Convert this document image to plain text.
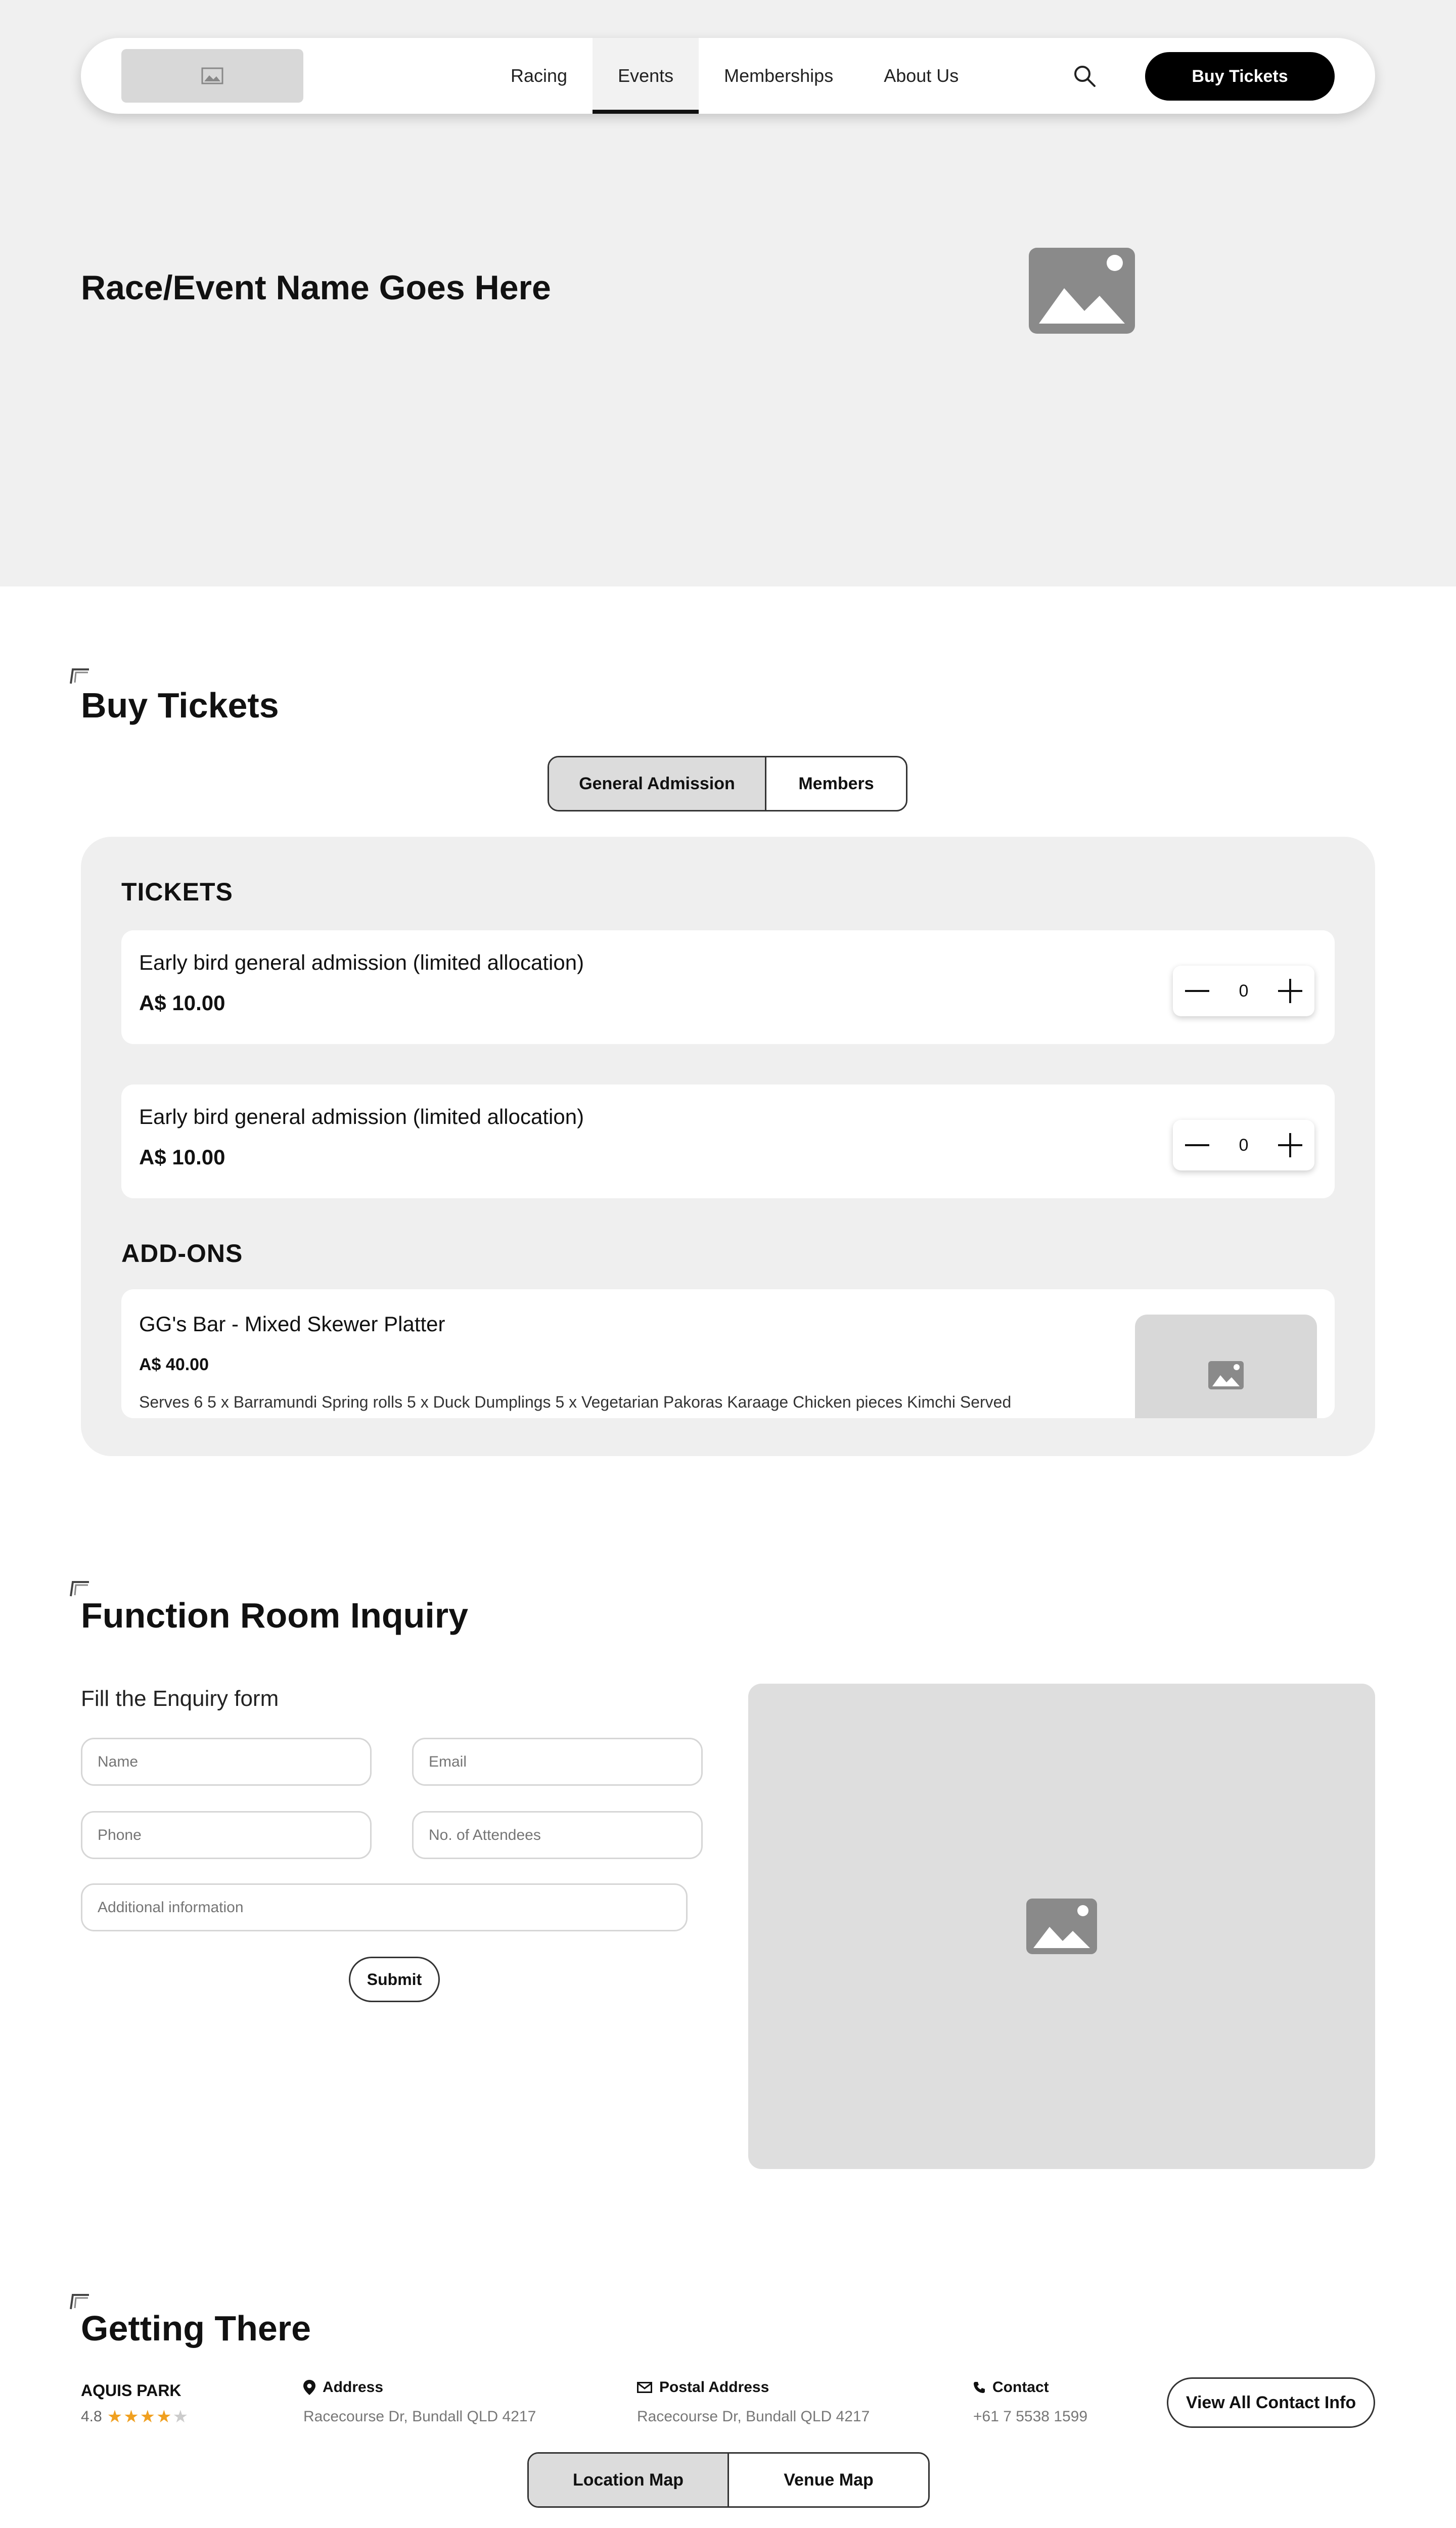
Racing	Events	Memberships	About Us	Buy Tickets
Race/Event Name Goes Here
Buy Tickets
General Admission	Members
TICKETS
Early bird general admission (limited allocation)
A$ 10.00
0
Early bird general admission (limited allocation)
A$ 10.00
0
ADD-ONS
GG's Bar - Mixed Skewer Platter
A$ 40.00
Serves 6 5 x Barramundi Spring rolls 5 x Duck Dumplings 5 x Vegetarian Pakoras Karaage Chicken pieces Kimchi Served
Function Room Inquiry
Fill the Enquiry form
Name
Email
Phone
No. of Attendees
Additional information
Submit
Getting There
AQUIS PARK
4.8 ★★★★★
Address
Racecourse Dr, Bundall QLD 4217
Postal Address
Racecourse Dr, Bundall QLD 4217
Contact
+61 7 5538 1599
View All Contact Info
Location Map	Venue Map
